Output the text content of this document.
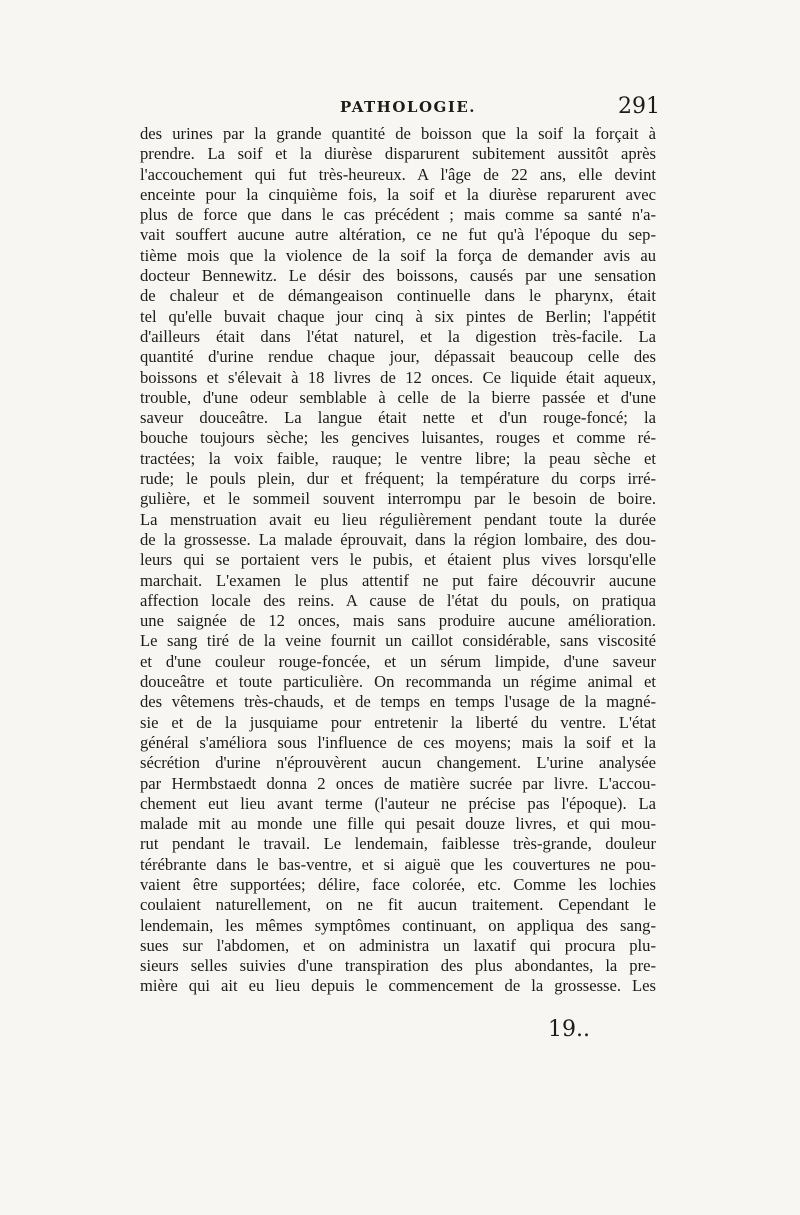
PATHOLOGIE.	291
des urines par la grande quantité de boisson que la soif la forçait à
prendre. La soif et la diurèse disparurent subitement aussitôt après
l'accouchement qui fut très-heureux. A l'âge de 22 ans, elle devint
enceinte pour la cinquième fois, la soif et la diurèse reparurent avec
plus de force que dans le cas précédent ; mais comme sa santé n'a-
vait souffert aucune autre altération, ce ne fut qu'à l'époque du sep-
tième mois que la violence de la soif la força de demander avis au
docteur Bennewitz. Le désir des boissons, causés par une sensation
de chaleur et de démangeaison continuelle dans le pharynx, était
tel qu'elle buvait chaque jour cinq à six pintes de Berlin; l'appétit
d'ailleurs était dans l'état naturel, et la digestion très-facile. La
quantité d'urine rendue chaque jour, dépassait beaucoup celle des
boissons et s'élevait à 18 livres de 12 onces. Ce liquide était aqueux,
trouble, d'une odeur semblable à celle de la bierre passée et d'une
saveur douceâtre. La langue était nette et d'un rouge-foncé; la
bouche toujours sèche; les gencives luisantes, rouges et comme ré-
tractées; la voix faible, rauque; le ventre libre; la peau sèche et
rude; le pouls plein, dur et fréquent; la température du corps irré-
gulière, et le sommeil souvent interrompu par le besoin de boire.
La menstruation avait eu lieu régulièrement pendant toute la durée
de la grossesse. La malade éprouvait, dans la région lombaire, des dou-
leurs qui se portaient vers le pubis, et étaient plus vives lorsqu'elle
marchait. L'examen le plus attentif ne put faire découvrir aucune
affection locale des reins. A cause de l'état du pouls, on pratiqua
une saignée de 12 onces, mais sans produire aucune amélioration.
Le sang tiré de la veine fournit un caillot considérable, sans viscosité
et d'une couleur rouge-foncée, et un sérum limpide, d'une saveur
douceâtre et toute particulière. On recommanda un régime animal et
des vêtemens très-chauds, et de temps en temps l'usage de la magné-
sie et de la jusquiame pour entretenir la liberté du ventre. L'état
général s'améliora sous l'influence de ces moyens; mais la soif et la
sécrétion d'urine n'éprouvèrent aucun changement. L'urine analysée
par Hermbstaedt donna 2 onces de matière sucrée par livre. L'accou-
chement eut lieu avant terme (l'auteur ne précise pas l'époque). La
malade mit au monde une fille qui pesait douze livres, et qui mou-
rut pendant le travail. Le lendemain, faiblesse très-grande, douleur
térébrante dans le bas-ventre, et si aiguë que les couvertures ne pou-
vaient être supportées; délire, face colorée, etc. Comme les lochies
coulaient naturellement, on ne fit aucun traitement. Cependant le
lendemain, les mêmes symptômes continuant, on appliqua des sang-
sues sur l'abdomen, et on administra un laxatif qui procura plu-
sieurs selles suivies d'une transpiration des plus abondantes, la pre-
mière qui ait eu lieu depuis le commencement de la grossesse. Les
19..
